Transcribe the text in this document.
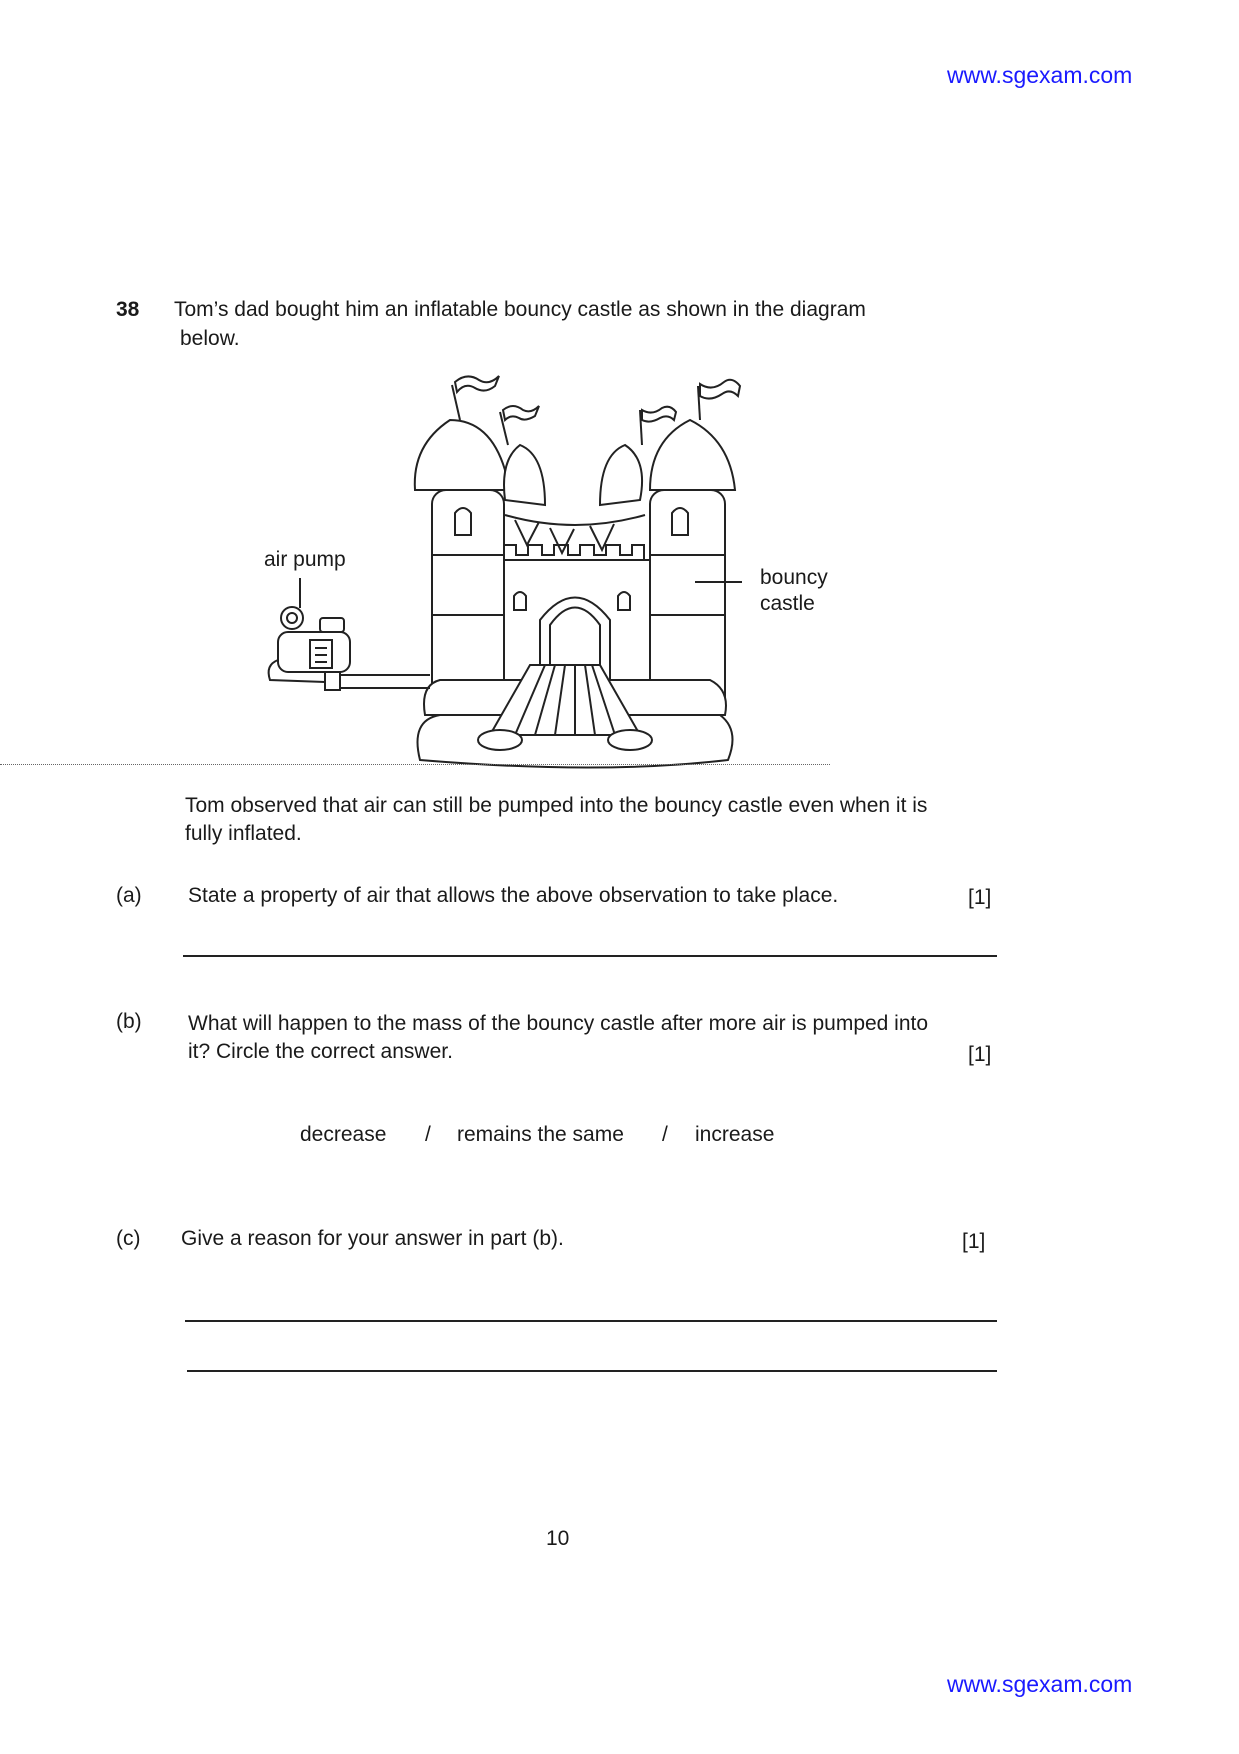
www.sgexam.com
38 Tom’s dad bought him an inflatable bouncy castle as shown in the diagram
below.
air pump
bouncy
castle
Tom observed that air can still be pumped into the bouncy castle even when it is
fully inflated.
(a) State a property of air that allows the above observation to take place.	[1]
(b) What will happen to the mass of the bouncy castle after more air is pumped into
it? Circle the correct answer.	[1]
decrease / remains the same / increase
(c) Give a reason for your answer in part (b).	[1]
10
www.sgexam.com
